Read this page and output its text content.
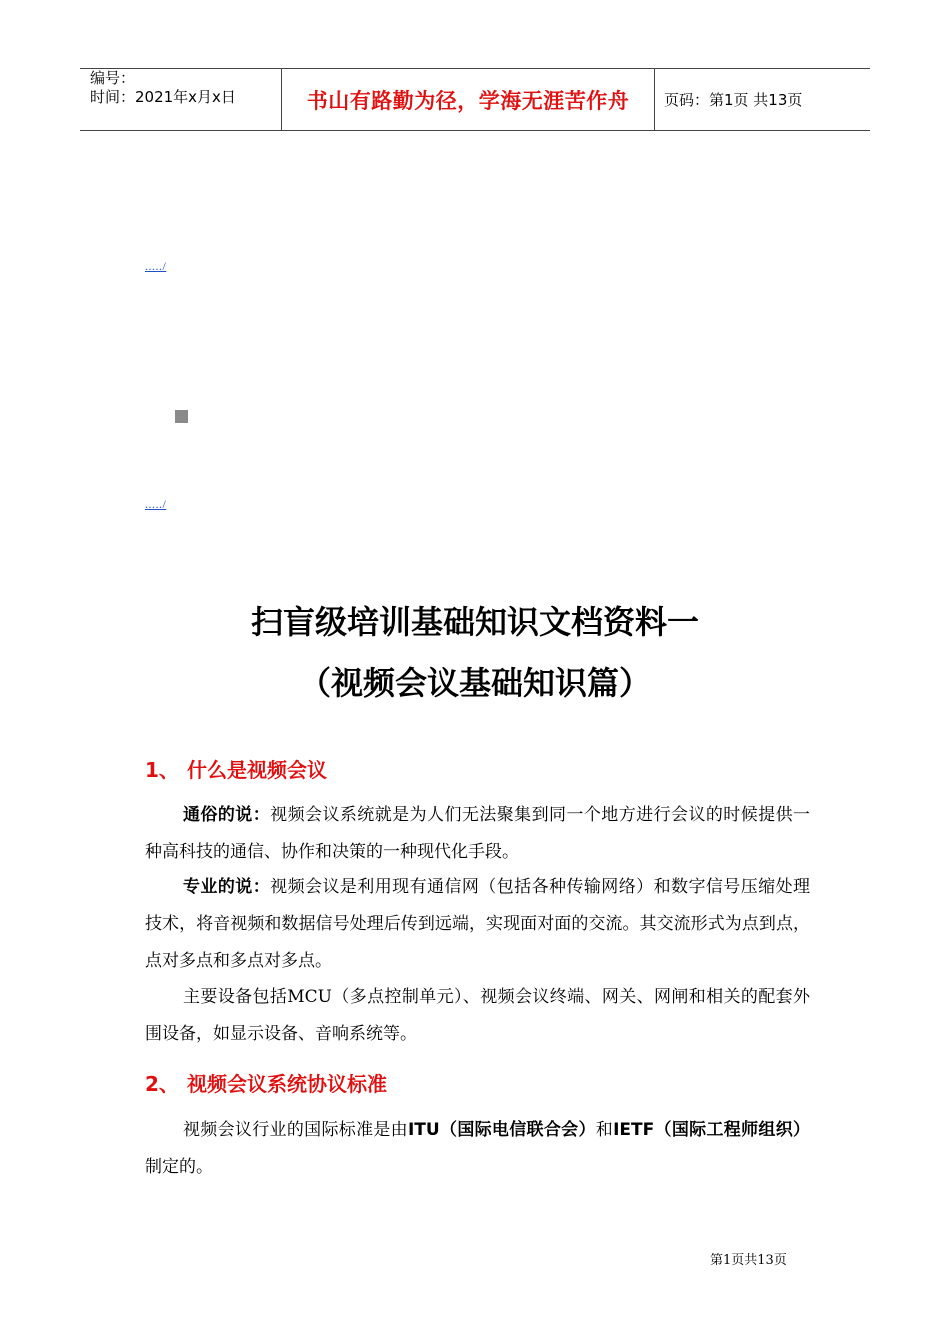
编号：
时间：2021年x月x日	书山有路勤为径，学海无涯苦作舟	页码：第1页 共13页
...../
...../
扫盲级培训基础知识文档资料一
（视频会议基础知识篇）
1、 什么是视频会议
通俗的说：视频会议系统就是为人们无法聚集到同一个地方进行会议的时候提供一种高科技的通信、协作和决策的一种现代化手段。
专业的说：视频会议是利用现有通信网（包括各种传输网络）和数字信号压缩处理技术，将音视频和数据信号处理后传到远端，实现面对面的交流。其交流形式为点到点，点对多点和多点对多点。
主要设备包括MCU（多点控制单元）、视频会议终端、网关、网闸和相关的配套外围设备，如显示设备、音响系统等。
2、 视频会议系统协议标准
视频会议行业的国际标准是由ITU（国际电信联合会）和IETF（国际工程师组织）制定的。
第1页共13页
